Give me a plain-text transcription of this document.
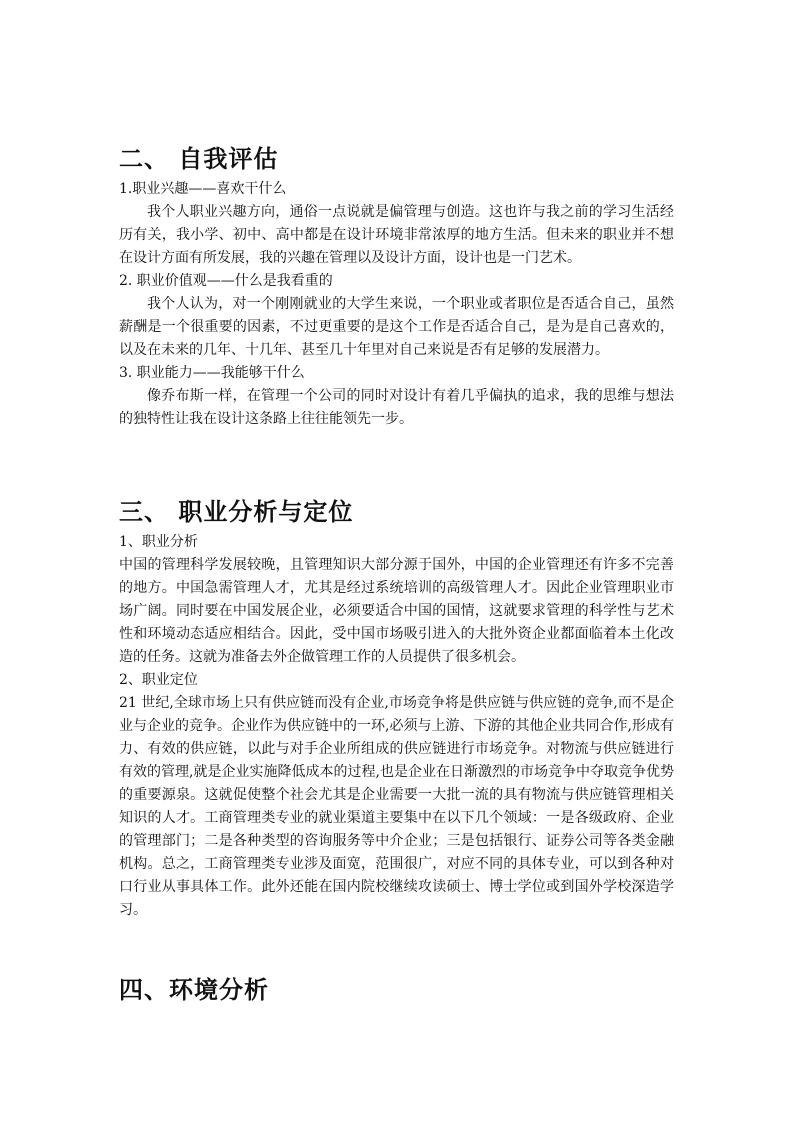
二、 自我评估
1.职业兴趣——喜欢干什么

我个人职业兴趣方向，通俗一点说就是偏管理与创造。这也许与我之前的学习生活经历有关，我小学、初中、高中都是在设计环境非常浓厚的地方生活。但未来的职业并不想在设计方面有所发展，我的兴趣在管理以及设计方面，设计也是一门艺术。

2. 职业价值观——什么是我看重的

我个人认为，对一个刚刚就业的大学生来说，一个职业或者职位是否适合自己，虽然薪酬是一个很重要的因素，不过更重要的是这个工作是否适合自己，是为是自己喜欢的，以及在未来的几年、十几年、甚至几十年里对自己来说是否有足够的发展潜力。

3. 职业能力——我能够干什么

像乔布斯一样，在管理一个公司的同时对设计有着几乎偏执的追求，我的思维与想法的独特性让我在设计这条路上往往能领先一步。

三、 职业分析与定位
1、职业分析

中国的管理科学发展较晚，且管理知识大部分源于国外，中国的企业管理还有许多不完善的地方。中国急需管理人才，尤其是经过系统培训的高级管理人才。因此企业管理职业市场广阔。同时要在中国发展企业，必须要适合中国的国情，这就要求管理的科学性与艺术性和环境动态适应相结合。因此，受中国市场吸引进入的大批外资企业都面临着本土化改造的任务。这就为准备去外企做管理工作的人员提供了很多机会。

2、职业定位

21 世纪,全球市场上只有供应链而没有企业,市场竞争将是供应链与供应链的竞争,而不是企业与企业的竞争。企业作为供应链中的一环,必须与上游、下游的其他企业共同合作,形成有力、有效的供应链，以此与对手企业所组成的供应链进行市场竞争。对物流与供应链进行有效的管理,就是企业实施降低成本的过程,也是企业在日渐激烈的市场竞争中夺取竞争优势的重要源泉。这就促使整个社会尤其是企业需要一大批一流的具有物流与供应链管理相关知识的人才。工商管理类专业的就业渠道主要集中在以下几个领域：一是各级政府、企业的管理部门；二是各种类型的咨询服务等中介企业；三是包括银行、证券公司等各类金融机构。总之，工商管理类专业涉及面宽，范围很广，对应不同的具体专业，可以到各种对口行业从事具体工作。此外还能在国内院校继续攻读硕士、博士学位或到国外学校深造学习。

四、环境分析
